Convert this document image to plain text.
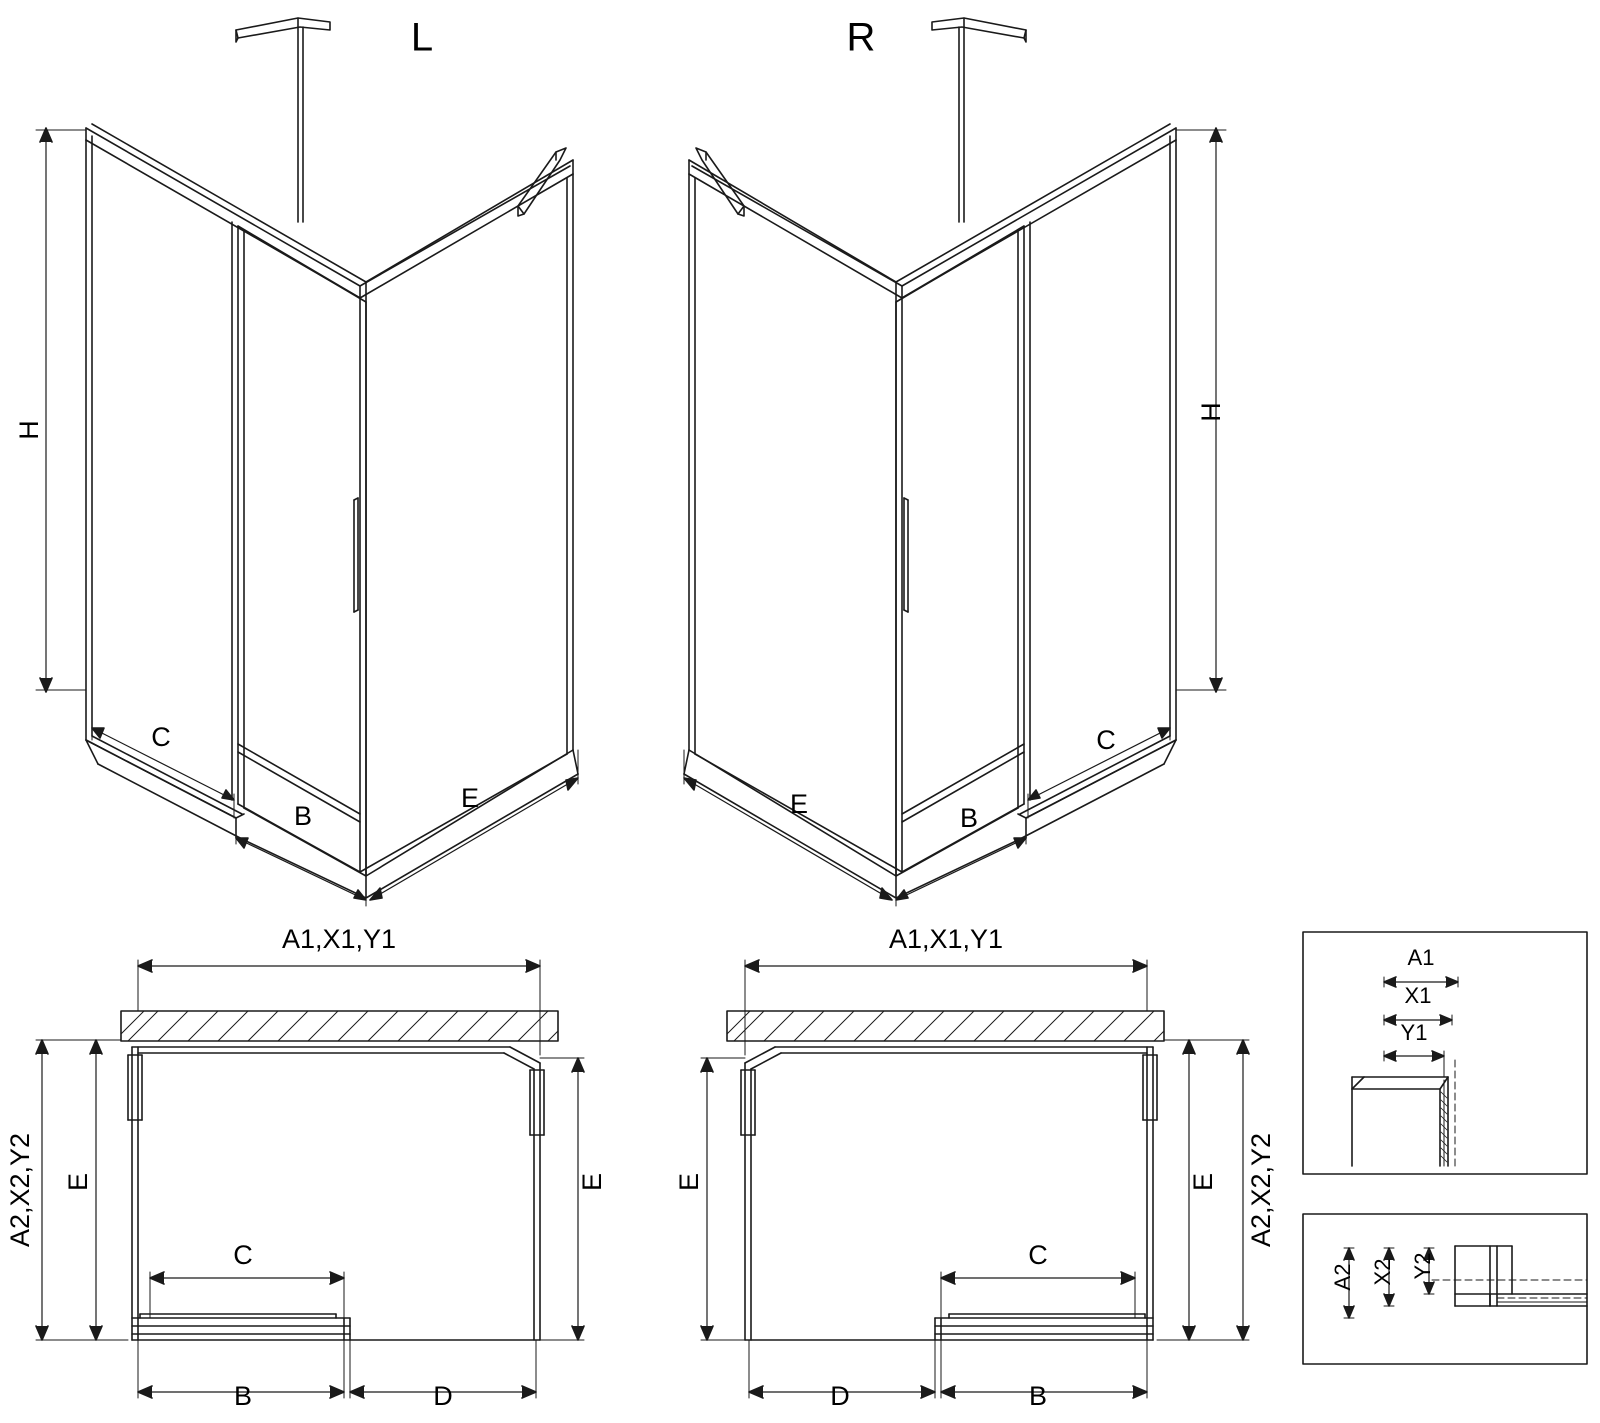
L	R
H
C
B
E
H
C
B
E
A1,X1,Y1
A2,X2,Y2 E	E
C
B	D
A1,X1,Y1
A2,X2,Y2
E
E
C
B
D
A1
X1
Y1
A2 X2 Y2
